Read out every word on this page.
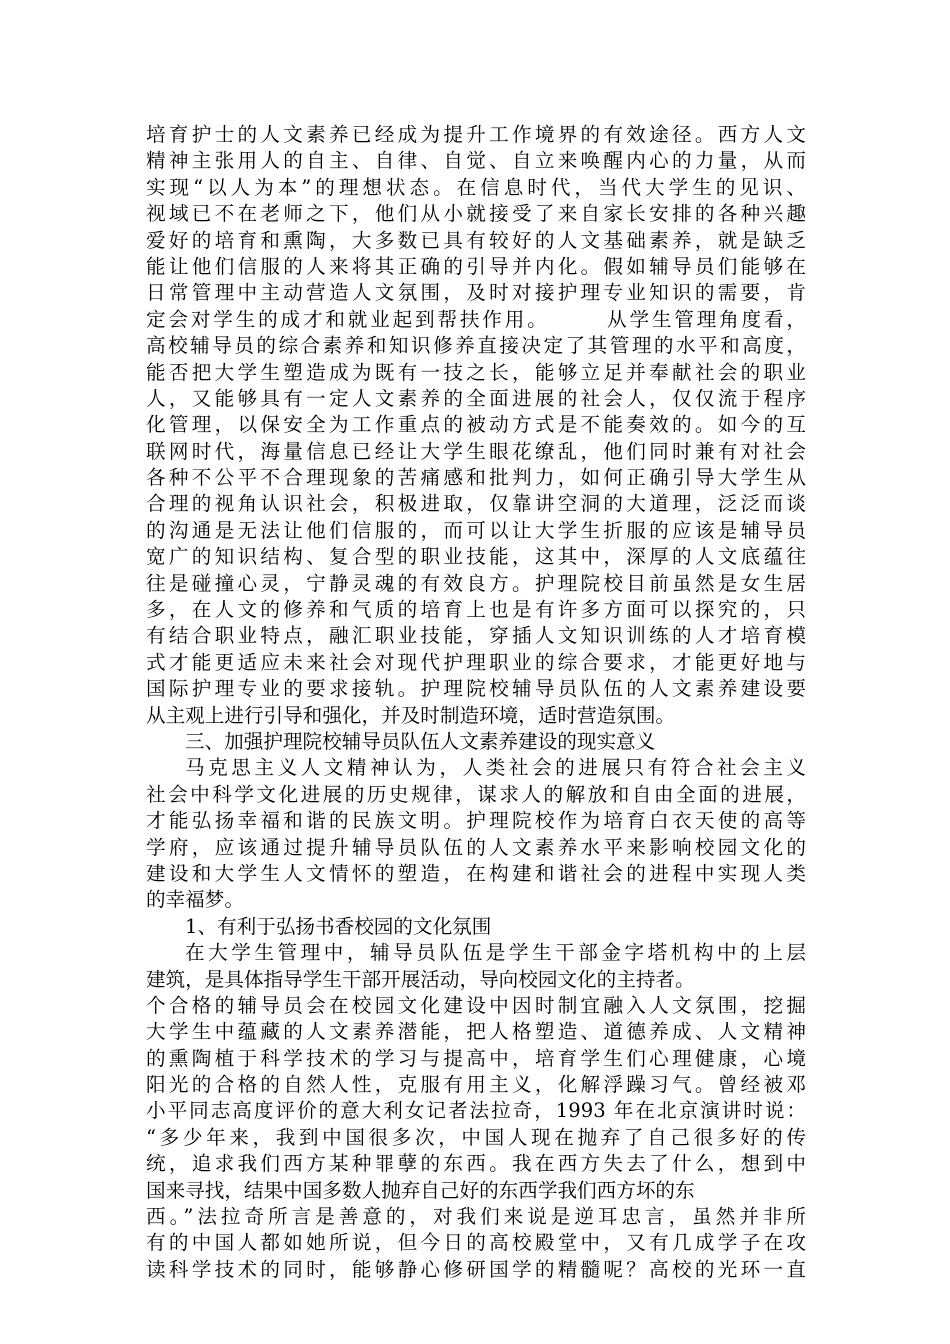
培育护士的人文素养已经成为提升工作境界的有效途径。西方人文
精神主张用人的自主、自律、自觉、自立来唤醒内心的力量，从而
实现“以人为本”的理想状态。在信息时代，当代大学生的见识、
视域已不在老师之下，他们从小就接受了来自家长安排的各种兴趣
爱好的培育和熏陶，大多数已具有较好的人文基础素养，就是缺乏
能让他们信服的人来将其正确的引导并内化。假如辅导员们能够在
日常管理中主动营造人文氛围，及时对接护理专业知识的需要，肯
定会对学生的成才和就业起到帮扶作用。　　　从学生管理角度看，
高校辅导员的综合素养和知识修养直接决定了其管理的水平和高度，
能否把大学生塑造成为既有一技之长，能够立足并奉献社会的职业
人，又能够具有一定人文素养的全面进展的社会人，仅仅流于程序
化管理，以保安全为工作重点的被动方式是不能奏效的。如今的互
联网时代，海量信息已经让大学生眼花缭乱，他们同时兼有对社会
各种不公平不合理现象的苦痛感和批判力，如何正确引导大学生从
合理的视角认识社会，积极进取，仅靠讲空洞的大道理，泛泛而谈
的沟通是无法让他们信服的，而可以让大学生折服的应该是辅导员
宽广的知识结构、复合型的职业技能，这其中，深厚的人文底蕴往
往是碰撞心灵，宁静灵魂的有效良方。护理院校目前虽然是女生居
多，在人文的修养和气质的培育上也是有许多方面可以探究的，只
有结合职业特点，融汇职业技能，穿插人文知识训练的人才培育模
式才能更适应未来社会对现代护理职业的综合要求，才能更好地与
国际护理专业的要求接轨。护理院校辅导员队伍的人文素养建设要
从主观上进行引导和强化，并及时制造环境，适时营造氛围。
三、加强护理院校辅导员队伍人文素养建设的现实意义
马克思主义人文精神认为，人类社会的进展只有符合社会主义
社会中科学文化进展的历史规律，谋求人的解放和自由全面的进展，
才能弘扬幸福和谐的民族文明。护理院校作为培育白衣天使的高等
学府，应该通过提升辅导员队伍的人文素养水平来影响校园文化的
建设和大学生人文情怀的塑造，在构建和谐社会的进程中实现人类
的幸福梦。
1、有利于弘扬书香校园的文化氛围
在大学生管理中，辅导员队伍是学生干部金字塔机构中的上层
建筑，是具体指导学生干部开展活动，导向校园文化的主持者。
个合格的辅导员会在校园文化建设中因时制宜融入人文氛围，挖掘
大学生中蕴藏的人文素养潜能，把人格塑造、道德养成、人文精神
的熏陶植于科学技术的学习与提高中，培育学生们心理健康，心境
阳光的合格的自然人性，克服有用主义，化解浮躁习气。曾经被邓
小平同志高度评价的意大利女记者法拉奇，1993 年在北京演讲时说：
“多少年来，我到中国很多次，中国人现在抛弃了自己很多好的传
统，追求我们西方某种罪孽的东西。我在西方失去了什么，想到中
国来寻找，结果中国多数人抛弃自己好的东西学我们西方坏的东
西。”法拉奇所言是善意的，对我们来说是逆耳忠言，虽然并非所
有的中国人都如她所说，但今日的高校殿堂中，又有几成学子在攻
读科学技术的同时，能够静心修研国学的精髓呢？高校的光环一直
